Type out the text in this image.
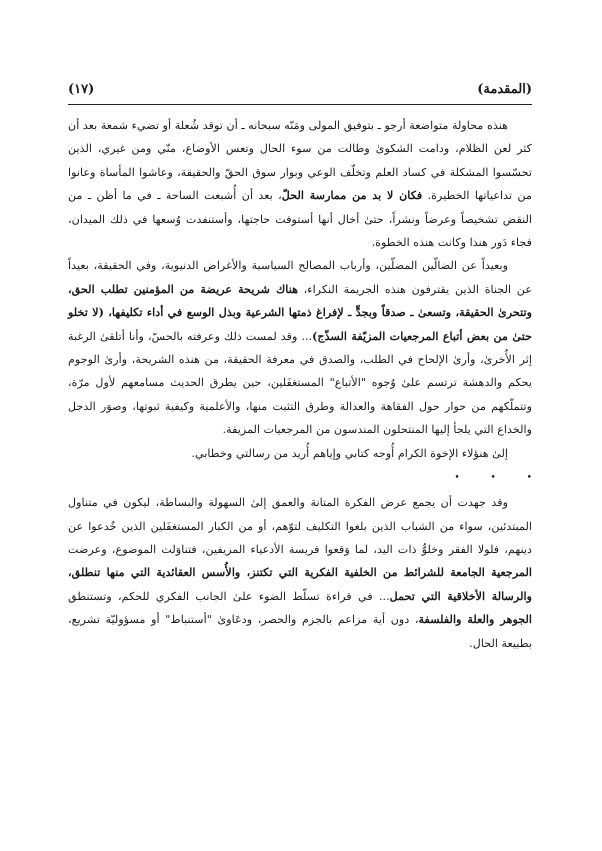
(١٧)	(المقدمة)

هنذه محاولة متواضعة أرجو ـ بتوفيق المولى ومَنّه سبحانه ـ أن توقد شُعلة أو تضيء شمعة بعد أن كثر لعن الظلام، ودامت الشكوىٰ وطالت من سوء الحال وتعس الأوضاع، منّي ومن غيري، الذين تحسّسوا المشكلة في كساد العلم وتخلّف الوعي وبوار سوق الحقّ والحقيقة، وعاشوا المأساة وعانوا من تداعياتها الخطيرة. فكان لا بد من ممارسة الحلّ، بعد أن أُشبعت الساحة ـ في ما أظن ـ من النقض تشخيصاً وعرضاً ونشراً، حتىٰ أخال أنها أستوفت حاجتها، وأستنفدت وُسعها في ذلك الميدان، فجاء دَور هنذا وكانت هنذه الخطوة.

وبعيداً عن الضالّين المضلّين، وأرباب المصالح السياسية والأغراض الدنيوية، وفي الحقيقة، بعيداً عن الجناة الذين يقترفون هنذه الجريمة النكراء، هناك شريحة عريضة من المؤمنين تطلب الحق، وتتحرىٰ الحقيقة، وتسعىٰ ـ صدقاً وبجدٍّ ـ لإفراغ ذمتها الشرعية وبذل الوسع في أداء تكليفها، (لا تخلو حتىٰ من بعض أتباع المرجعيات المزيّفة السذّج)... وقد لمست ذلك وعرفته بالحسّ، وأنا أتلقىٰ الرغبة إثر الأُخرىٰ، وأرىٰ الإلحاح في الطلب، والصدق في معرفة الحقيقة، من هنذه الشريحة، وأرىٰ الوجوم يحكم والدهشة ترتسم علىٰ وُجوه "الأتباع" المستغفَلين، حين يطرق الحديث مسامعهم لأول مرّة، وتتملّكهم من حوار حول الفقاهة والعدالة وطرق التثبت منها، والأعلمية وكيفية ثبوتها، وصوَر الدجل والخداع التي يلجأ إليها المنتحلون المندسون من المرجعيات المزيفة.

إلىٰ هنؤلاء الإخوة الكرام أُوجه كتابي وإياهم أُريد من رسالتي وخطابي.

• • •

وقد جهدت أن يجمع عرض الفكرة المتانة والعمق إلىٰ السهولة والبساطة، ليكون في متناول المبتدئين، سواء من الشباب الذين بلغوا التكليف لتوّهم، أو من الكبار المستغفَلين الذين خُدعوا عن دينهم، فلولا الفقر وخلوُّ ذات اليد، لما وَقعوا فريسة الأدعياء المزيفين، فتناوَلت الموضوع، وعرضت المرجعية الجامعة للشرائط من الخلفية الفكرية التي تكتنز، والأُسس العقائدية التي منها تنطلق، والرسالة الأخلاقية التي تحمل... في قراءة تسلّط الضوء علىٰ الجانب الفكري للحكم، وتستنطق الجوهر والعلة والفلسفة، دون أية مزاعم بالجزم والحصر، ودعَاوىٰ "أستنباط" أو مسؤوليّة تشريع، بطبيعة الحال.
